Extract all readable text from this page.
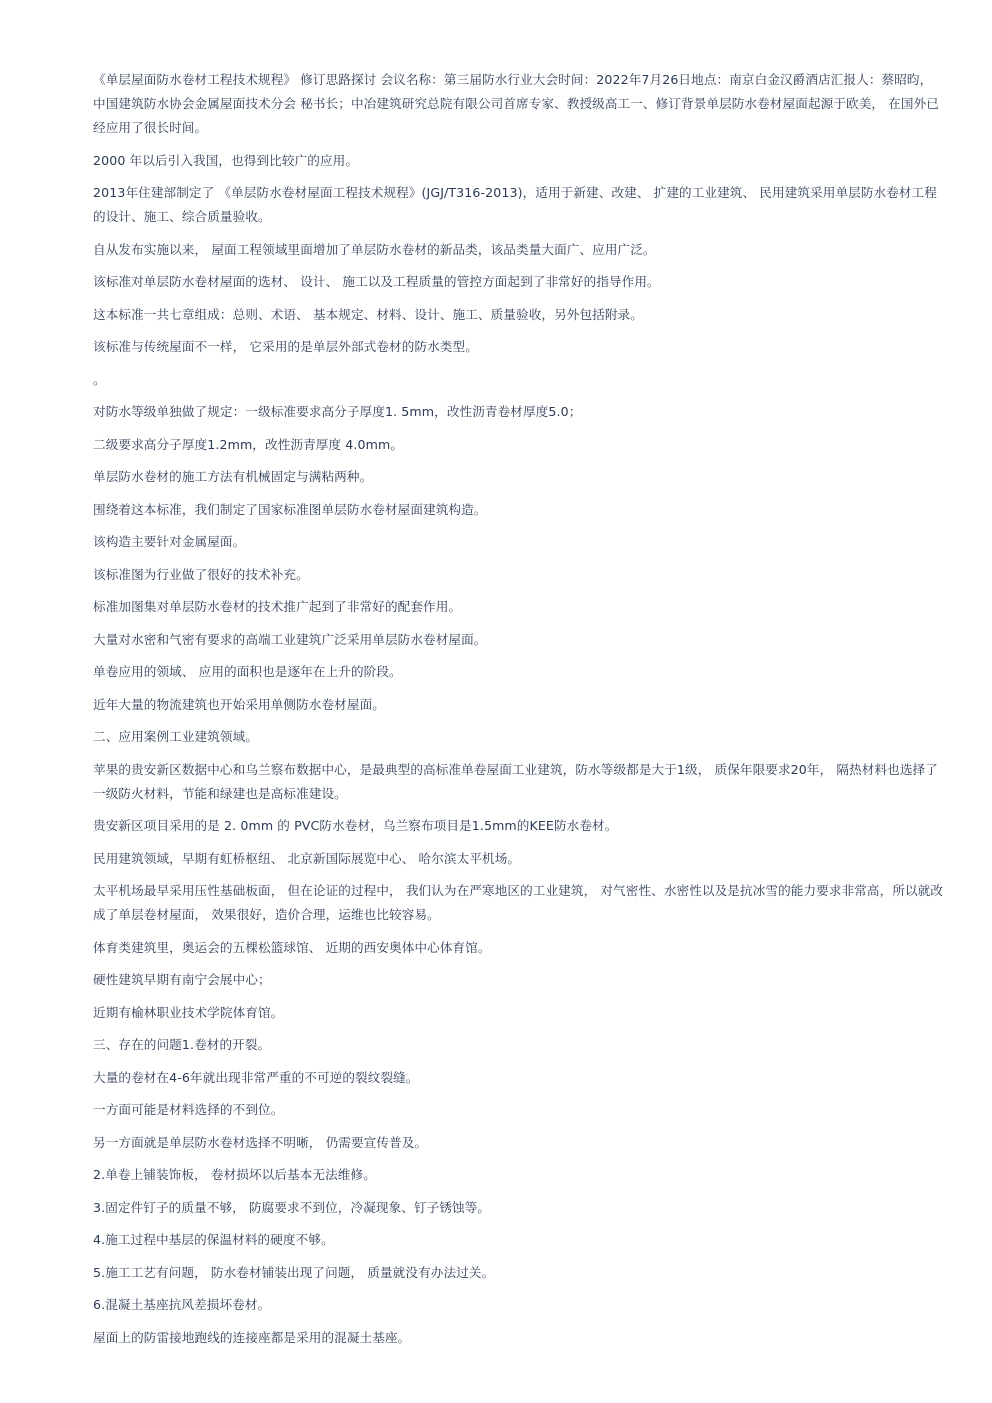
《单层屋面防水卷材工程技术规程》 修订思路探讨 会议名称：第三届防水行业大会时间：2022年7月26日地点：南京白金汉爵酒店汇报人：蔡昭昀， 中国建筑防水协会金属屋面技术分会 秘书长；中冶建筑研究总院有限公司首席专家、教授级高工一、修订背景单层防水卷材屋面起源于欧美， 在国外已经应用了很长时间。

2000 年以后引入我国，也得到比较广的应用。

2013年住建部制定了 《单层防水卷材屋面工程技术规程》(JGJ/T316-2013)，适用于新建、改建、 扩建的工业建筑、 民用建筑采用单层防水卷材工程的设计、施工、综合质量验收。

自从发布实施以来， 屋面工程领域里面增加了单层防水卷材的新品类，该品类量大面广、应用广泛。

该标准对单层防水卷材屋面的选材、 设计、 施工以及工程质量的管控方面起到了非常好的指导作用。

这本标准一共七章组成：总则、术语、 基本规定、材料、设计、施工、质量验收，另外包括附录。

该标准与传统屋面不一样， 它采用的是单层外部式卷材的防水类型。

。

对防水等级单独做了规定：一级标准要求高分子厚度1. 5mm，改性沥青卷材厚度5.0；

二级要求高分子厚度1.2mm，改性沥青厚度 4.0mm。

单层防水卷材的施工方法有机械固定与满粘两种。

围绕着这本标准，我们制定了国家标准图单层防水卷材屋面建筑构造。

该构造主要针对金属屋面。

该标准图为行业做了很好的技术补充。

标准加图集对单层防水卷材的技术推广起到了非常好的配套作用。

大量对水密和气密有要求的高端工业建筑广泛采用单层防水卷材屋面。

单卷应用的领域、 应用的面积也是逐年在上升的阶段。

近年大量的物流建筑也开始采用单侧防水卷材屋面。

二、应用案例工业建筑领域。

苹果的贵安新区数据中心和乌兰察布数据中心，是最典型的高标准单卷屋面工业建筑，防水等级都是大于1级， 质保年限要求20年， 隔热材料也选择了一级防火材料，节能和绿建也是高标准建设。

贵安新区项目采用的是 2. 0mm 的 PVC防水卷材，乌兰察布项目是1.5mm的KEE防水卷材。

民用建筑领域，早期有虹桥枢纽、 北京新国际展览中心、 哈尔滨太平机场。

太平机场最早采用压性基础板面， 但在论证的过程中， 我们认为在严寒地区的工业建筑， 对气密性、水密性以及是抗冰雪的能力要求非常高，所以就改成了单层卷材屋面， 效果很好，造价合理，运维也比较容易。

体育类建筑里，奥运会的五棵松篮球馆、 近期的西安奥体中心体育馆。

硬性建筑早期有南宁会展中心；

近期有榆林职业技术学院体育馆。

三、存在的问题1.卷材的开裂。

大量的卷材在4-6年就出现非常严重的不可逆的裂纹裂缝。

一方面可能是材料选择的不到位。

另一方面就是单层防水卷材选择不明晰， 仍需要宣传普及。

2.单卷上铺装饰板， 卷材损坏以后基本无法维修。

3.固定件钉子的质量不够， 防腐要求不到位，冷凝现象、钉子锈蚀等。

4.施工过程中基层的保温材料的硬度不够。

5.施工工艺有问题， 防水卷材铺装出现了问题， 质量就没有办法过关。

6.混凝土基座抗风差损坏卷材。

屋面上的防雷接地跑线的连接座都是采用的混凝土基座。
